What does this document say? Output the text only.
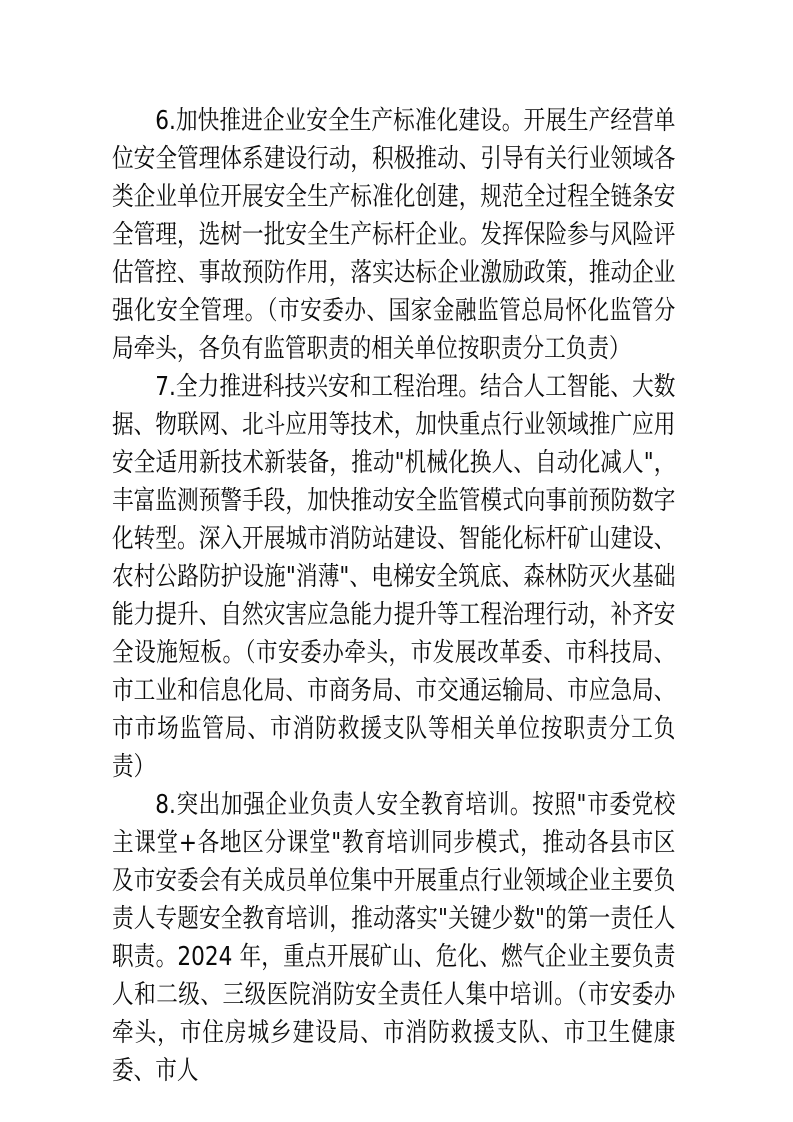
6.加快推进企业安全生产标准化建设。开展生产经营单位安全管理体系建设行动，积极推动、引导有关行业领域各类企业单位开展安全生产标准化创建，规范全过程全链条安全管理，选树一批安全生产标杆企业。发挥保险参与风险评估管控、事故预防作用，落实达标企业激励政策，推动企业强化安全管理。（市安委办、国家金融监管总局怀化监管分局牵头，各负有监管职责的相关单位按职责分工负责）

7.全力推进科技兴安和工程治理。结合人工智能、大数据、物联网、北斗应用等技术，加快重点行业领域推广应用安全适用新技术新装备，推动"机械化换人、自动化减人"，丰富监测预警手段，加快推动安全监管模式向事前预防数字化转型。深入开展城市消防站建设、智能化标杆矿山建设、农村公路防护设施"消薄"、电梯安全筑底、森林防灭火基础能力提升、自然灾害应急能力提升等工程治理行动，补齐安全设施短板。（市安委办牵头，市发展改革委、市科技局、市工业和信息化局、市商务局、市交通运输局、市应急局、市市场监管局、市消防救援支队等相关单位按职责分工负责）

8.突出加强企业负责人安全教育培训。按照"市委党校主课堂+各地区分课堂"教育培训同步模式，推动各县市区及市安委会有关成员单位集中开展重点行业领域企业主要负责人专题安全教育培训，推动落实"关键少数"的第一责任人职责。2024 年，重点开展矿山、危化、燃气企业主要负责人和二级、三级医院消防安全责任人集中培训。（市安委办牵头，市住房城乡建设局、市消防救援支队、市卫生健康委、市人
